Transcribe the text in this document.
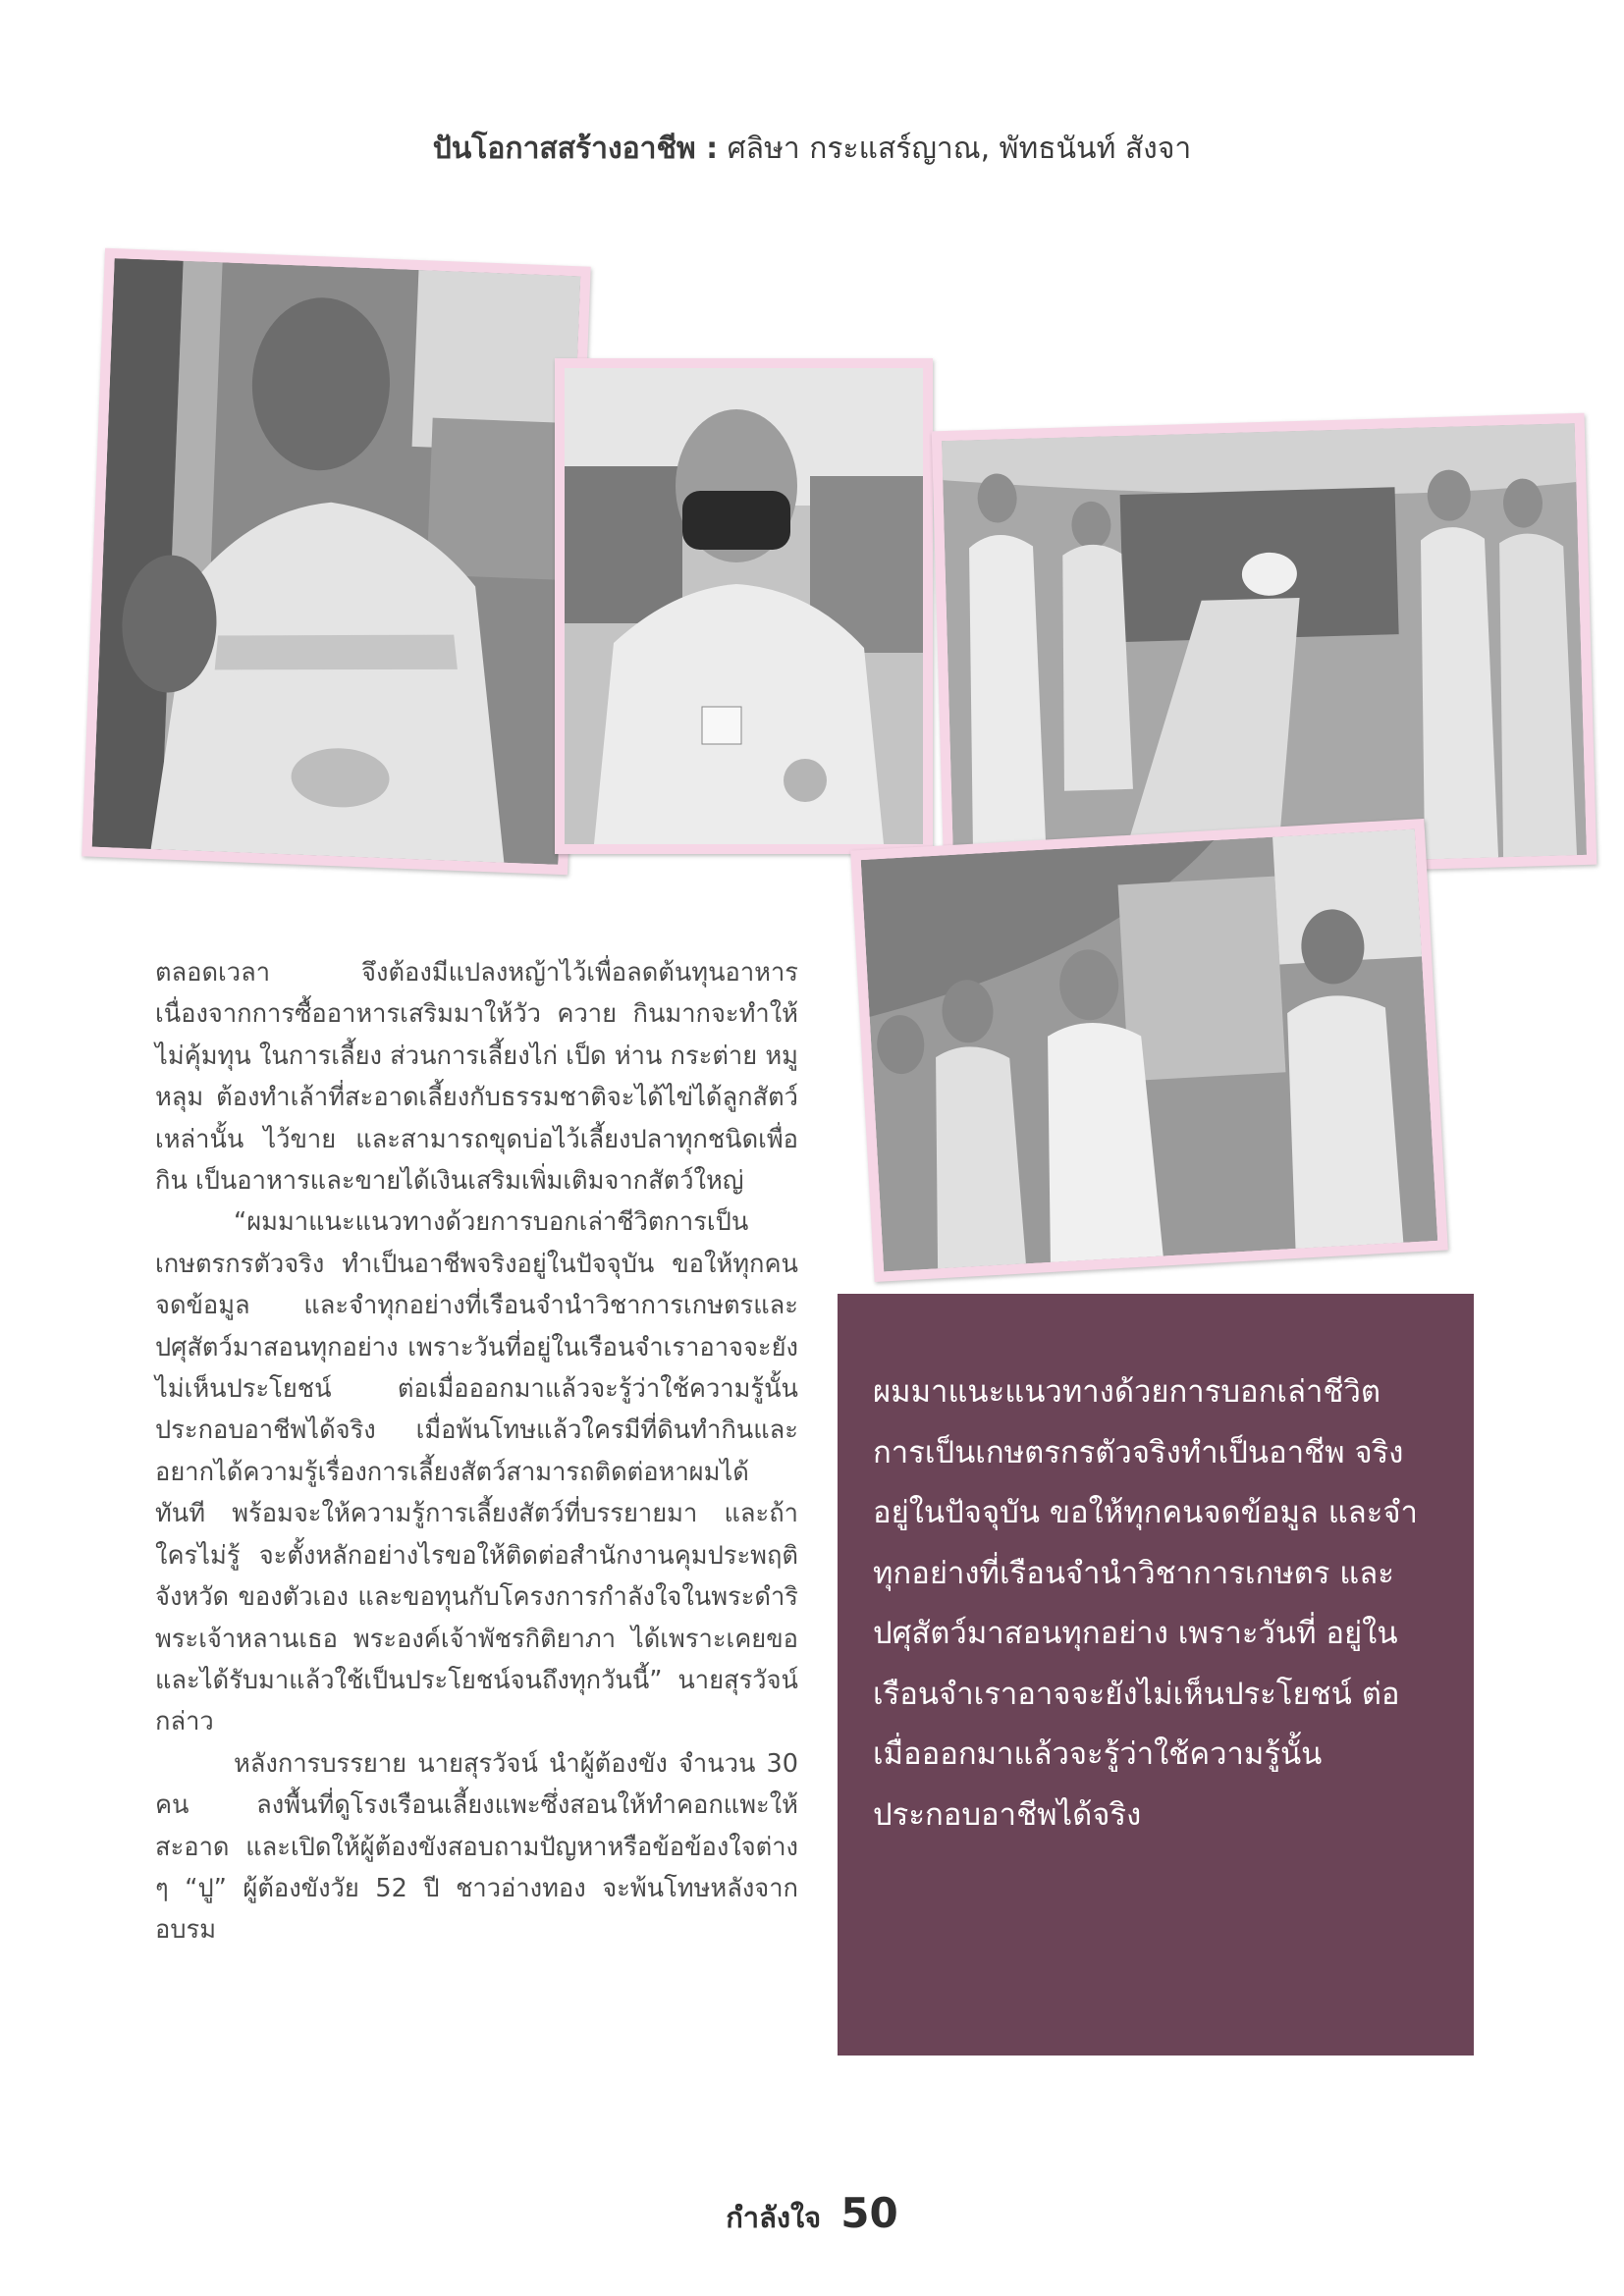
ปันโอกาสสร้างอาชีพ : ศลิษา กระแสร์ญาณ, พัทธนันท์ สังจา

ตลอดเวลา จึงต้องมีแปลงหญ้าไว้เพื่อลดต้นทุนอาหาร เนื่องจากการซื้ออาหารเสริมมาให้วัว ควาย กินมากจะทำให้ไม่คุ้มทุน ในการเลี้ยง ส่วนการเลี้ยงไก่ เป็ด ห่าน กระต่าย หมูหลุม ต้องทำเล้าที่สะอาดเลี้ยงกับธรรมชาติจะได้ไข่ได้ลูกสัตว์เหล่านั้น ไว้ขาย และสามารถขุดบ่อไว้เลี้ยงปลาทุกชนิดเพื่อกิน เป็นอาหารและขายได้เงินเสริมเพิ่มเติมจากสัตว์ใหญ่

“ผมมาแนะแนวทางด้วยการบอกเล่าชีวิตการเป็น เกษตรกรตัวจริง ทำเป็นอาชีพจริงอยู่ในปัจจุบัน ขอให้ทุกคน จดข้อมูล และจำทุกอย่างที่เรือนจำนำวิชาการเกษตรและ ปศุสัตว์มาสอนทุกอย่าง เพราะวันที่อยู่ในเรือนจำเราอาจจะยัง ไม่เห็นประโยชน์ ต่อเมื่อออกมาแล้วจะรู้ว่าใช้ความรู้นั้น ประกอบอาชีพได้จริง เมื่อพ้นโทษแล้วใครมีที่ดินทำกินและ อยากได้ความรู้เรื่องการเลี้ยงสัตว์สามารถติดต่อหาผมได้ทันที พร้อมจะให้ความรู้การเลี้ยงสัตว์ที่บรรยายมา และถ้าใครไม่รู้ จะตั้งหลักอย่างไรขอให้ติดต่อสำนักงานคุมประพฤติจังหวัด ของตัวเอง และขอทุนกับโครงการกำลังใจในพระดำริ พระเจ้าหลานเธอ พระองค์เจ้าพัชรกิติยาภา ได้เพราะเคยขอ และได้รับมาแล้วใช้เป็นประโยชน์จนถึงทุกวันนี้” นายสุรวัจน์ กล่าว

หลังการบรรยาย นายสุรวัจน์ นำผู้ต้องขัง จำนวน 30 คน ลงพื้นที่ดูโรงเรือนเลี้ยงแพะซึ่งสอนให้ทำคอกแพะให้สะอาด และเปิดให้ผู้ต้องขังสอบถามปัญหาหรือข้อข้องใจต่าง ๆ “ปู” ผู้ต้องขังวัย 52 ปี ชาวอ่างทอง จะพ้นโทษหลังจากอบรม

ผมมาแนะแนวทางด้วยการบอกเล่าชีวิต การเป็นเกษตรกรตัวจริงทำเป็นอาชีพ จริงอยู่ในปัจจุบัน ขอให้ทุกคนจดข้อมูล และจำทุกอย่างที่เรือนจำนำวิชาการเกษตร และปศุสัตว์มาสอนทุกอย่าง เพราะวันที่ อยู่ในเรือนจำเราอาจจะยังไม่เห็นประโยชน์ ต่อเมื่อออกมาแล้วจะรู้ว่าใช้ความรู้นั้น ประกอบอาชีพได้จริง
กำลังใจ 50
